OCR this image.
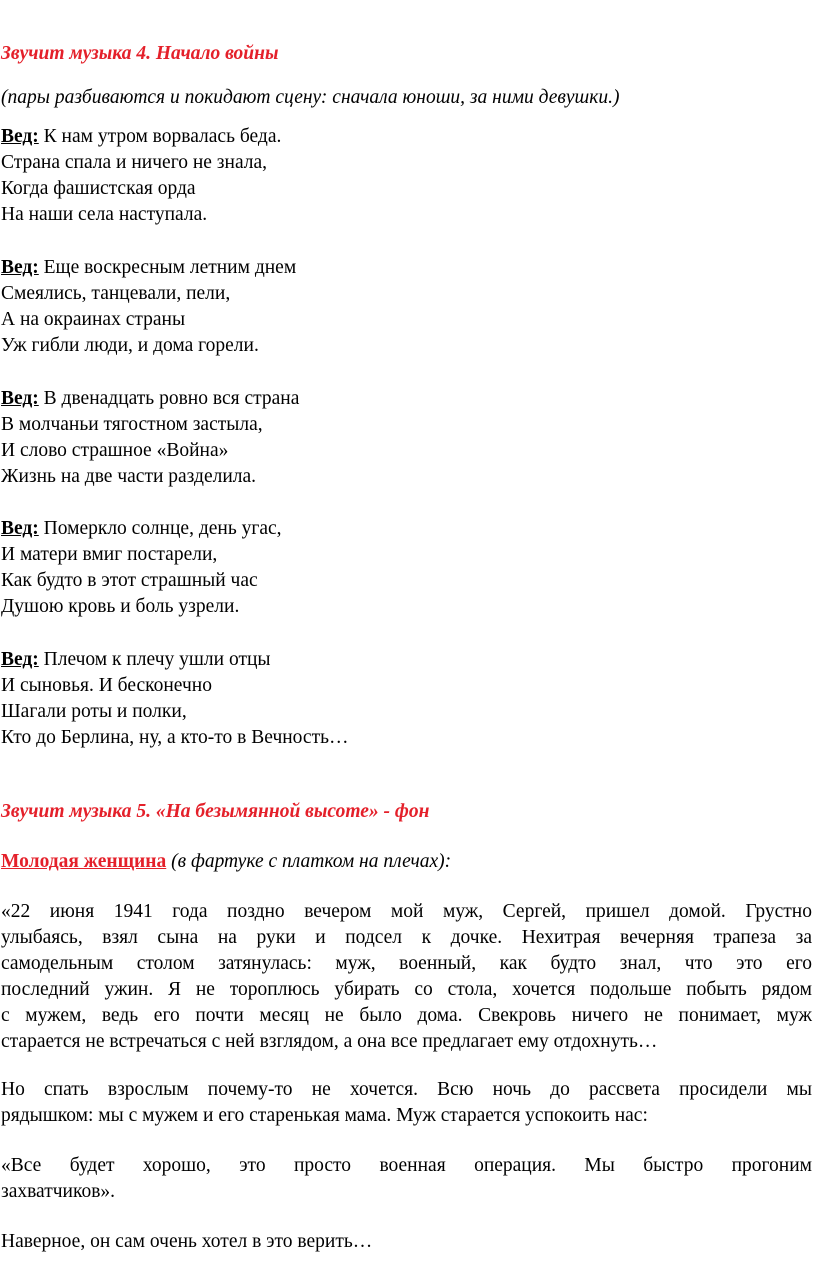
Звучит музыка 4. Начало войны
(пары разбиваются и покидают сцену: сначала юноши, за ними девушки.)
Вед: К нам утром ворвалась беда.
Страна спала и ничего не знала,
Когда фашистская орда
На наши села наступала.
Вед: Еще воскресным летним днем
Смеялись, танцевали, пели,
А на окраинах страны
Уж гибли люди, и дома горели.
Вед: В двенадцать ровно вся страна
В молчаньи тягостном застыла,
И слово страшное «Война»
Жизнь на две части разделила.
Вед: Померкло солнце, день угас,
И матери вмиг постарели,
Как будто в этот страшный час
Душою кровь и боль узрели.
Вед: Плечом к плечу ушли отцы
И сыновья. И бесконечно
Шагали роты и полки,
Кто до Берлина, ну, а кто-то в Вечность…
Звучит музыка 5. «На безымянной высоте» - фон
Молодая женщина (в фартуке с платком на плечах):
«22 июня 1941 года поздно вечером мой муж, Сергей, пришел домой. Грустно
улыбаясь, взял сына на руки и подсел к дочке. Нехитрая вечерняя трапеза за
самодельным столом затянулась: муж, военный, как будто знал, что это его
последний ужин. Я не тороплюсь убирать со стола, хочется подольше побыть рядом
с мужем, ведь его почти месяц не было дома. Свекровь ничего не понимает, муж
старается не встречаться с ней взглядом, а она все предлагает ему отдохнуть…
Но спать взрослым почему-то не хочется. Всю ночь до рассвета просидели мы
рядышком: мы с мужем и его старенькая мама. Муж старается успокоить нас:
«Все будет хорошо, это просто военная операция. Мы быстро прогоним
захватчиков».
Наверное, он сам очень хотел в это верить…
